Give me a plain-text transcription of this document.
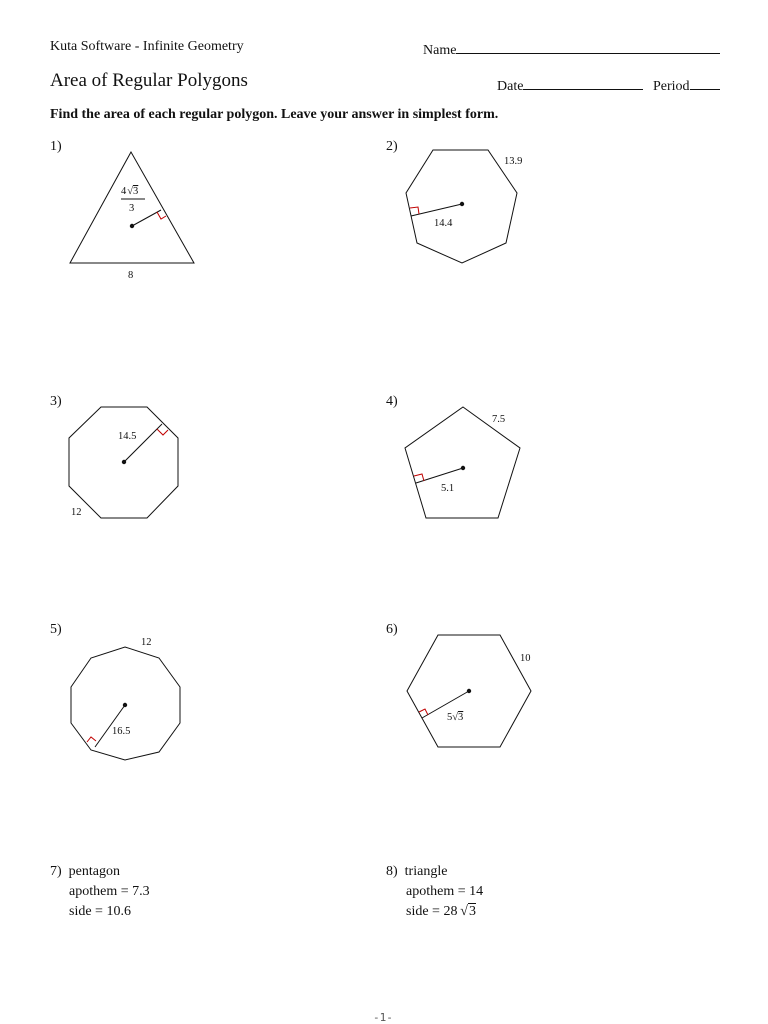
Kuta Software - Infinite Geometry	Name
Area of Regular Polygons	Date	Period
Find the area of each regular polygon. Leave your answer in simplest form.
1)	2)
3)	4)
5)	6)
4√3
3
8
13.9
14.4
14.5
12
7.5
5.1
12
16.5
10
5√3
7) pentagon
apothem = 7.3
side = 10.6
8) triangle
apothem = 14
side = 28 √3
-1-
